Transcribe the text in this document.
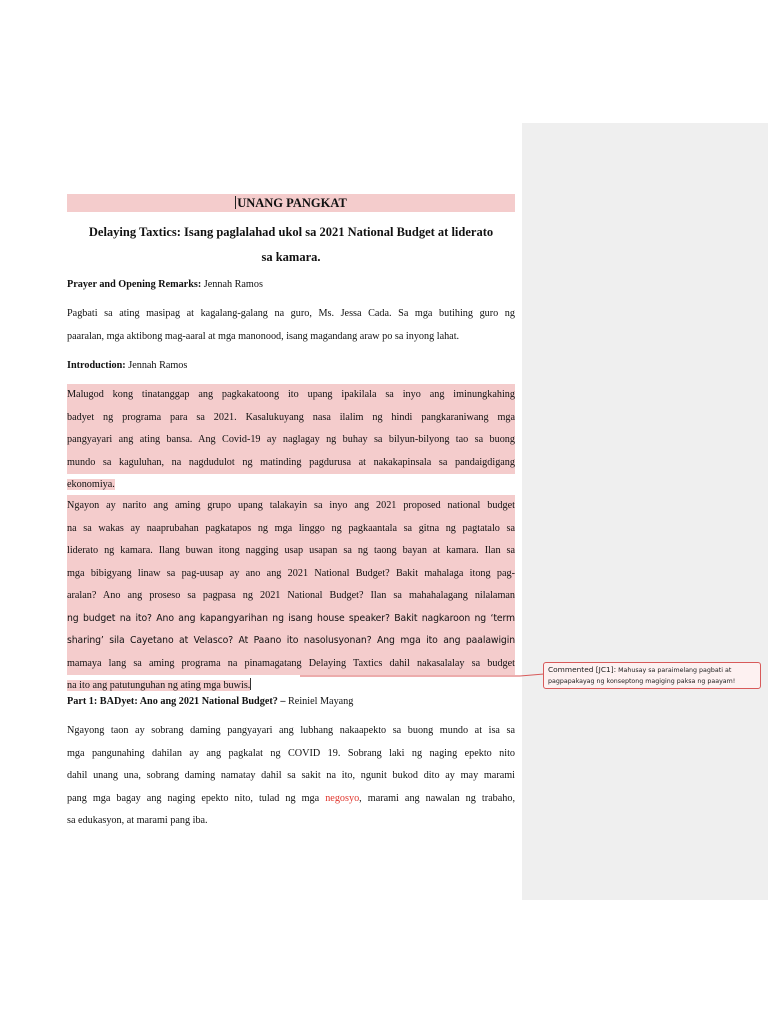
UNANG PANGKAT
Delaying Taxtics: Isang paglalahad ukol sa 2021 National Budget at liderato
sa kamara.
Prayer and Opening Remarks: Jennah Ramos
Pagbati sa ating masipag at kagalang-galang na guro, Ms. Jessa Cada. Sa mga butihing guro ng
paaralan, mga aktibong mag-aaral at mga manonood, isang magandang araw po sa inyong lahat.
Introduction: Jennah Ramos
Malugod kong tinatanggap ang pagkakatoong ito upang ipakilala sa inyo ang iminungkahing
badyet ng programa para sa 2021. Kasalukuyang nasa ilalim ng hindi pangkaraniwang mga
pangyayari ang ating bansa. Ang Covid-19 ay naglagay ng buhay sa bilyun-bilyong tao sa buong
mundo sa kaguluhan, na nagdudulot ng matinding pagdurusa at nakakapinsala sa pandaigdigang
ekonomiya.
Ngayon ay narito ang aming grupo upang talakayin sa inyo ang 2021 proposed national budget
na sa wakas ay naaprubahan pagkatapos ng mga linggo ng pagkaantala sa gitna ng pagtatalo sa
liderato ng kamara. Ilang buwan itong nagging usap usapan sa ng taong bayan at kamara. Ilan sa
mga bibigyang linaw sa pag-uusap ay ano ang 2021 National Budget? Bakit mahalaga itong pag-
aralan? Ano ang proseso sa pagpasa ng 2021 National Budget? Ilan sa mahahalagang nilalaman
ng budget na ito? Ano ang kapangyarihan ng isang house speaker? Bakit nagkaroon ng ‘term
sharing’ sila Cayetano at Velasco? At Paano ito nasolusyonan? Ang mga ito ang paalawigin
mamaya lang sa aming programa na pinamagatang Delaying Taxtics dahil nakasalalay sa budget
na ito ang patutunguhan ng ating mga buwis.
Part 1: BADyet: Ano ang 2021 National Budget? – Reiniel Mayang
Ngayong taon ay sobrang daming pangyayari ang lubhang nakaapekto sa buong mundo at isa sa
mga pangunahing dahilan ay ang pagkalat ng COVID 19. Sobrang laki ng naging epekto nito
dahil unang una, sobrang daming namatay dahil sa sakit na ito, ngunit bukod dito ay may marami
pang mga bagay ang naging epekto nito, tulad ng mga negosyo, marami ang nawalan ng trabaho,
sa edukasyon, at marami pang iba.
Commented [JC1]: Mahusay sa paraimelang pagbati at pagpapakayag ng konseptong magiging paksa ng paayam!
